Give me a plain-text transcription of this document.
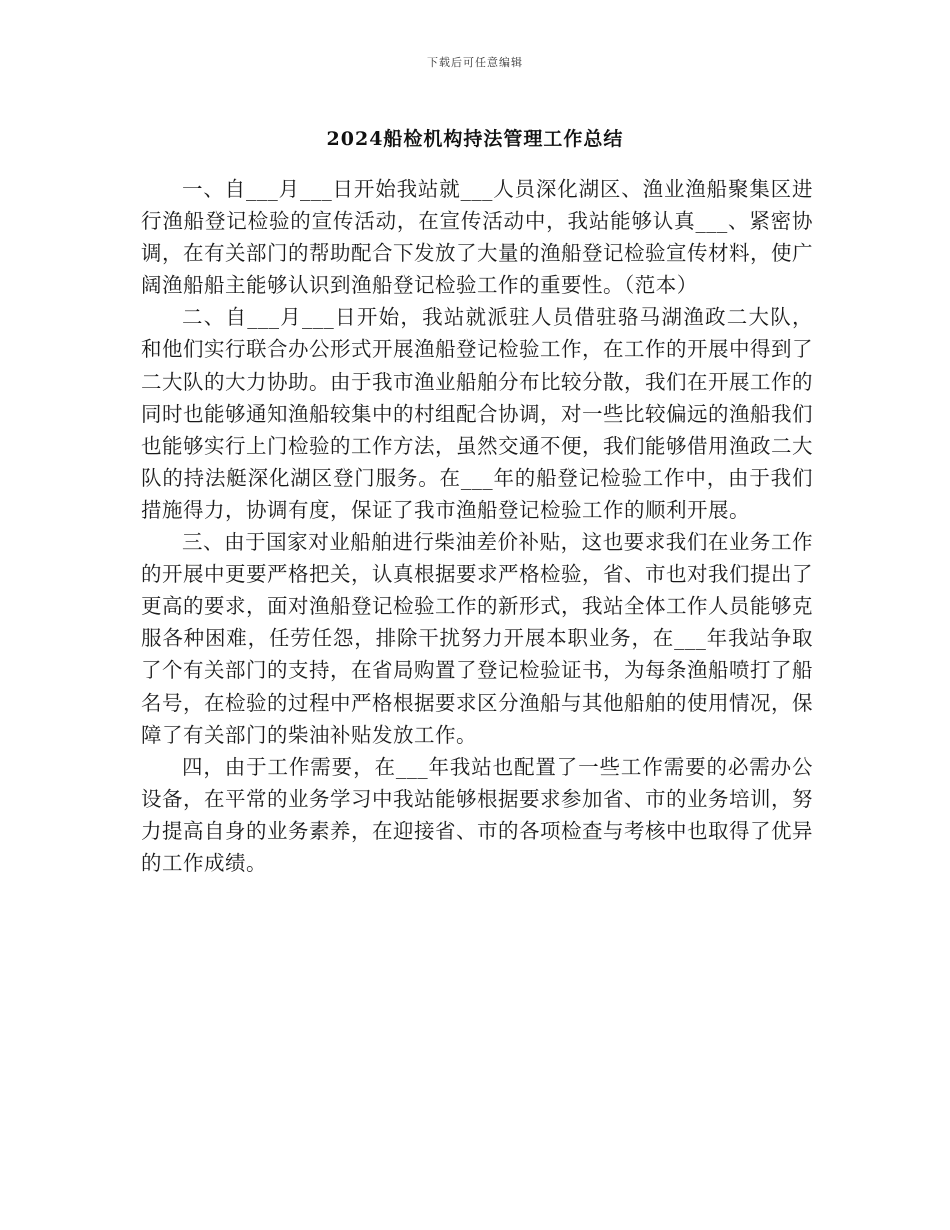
下载后可任意编辑
2024船检机构持法管理工作总结

一、自___月___日开始我站就___人员深化湖区、渔业渔船聚集区进行渔船登记检验的宣传活动，在宣传活动中，我站能够认真___、紧密协调，在有关部门的帮助配合下发放了大量的渔船登记检验宣传材料，使广阔渔船船主能够认识到渔船登记检验工作的重要性。（范本）

二、自___月___日开始，我站就派驻人员借驻骆马湖渔政二大队，和他们实行联合办公形式开展渔船登记检验工作，在工作的开展中得到了二大队的大力协助。由于我市渔业船舶分布比较分散，我们在开展工作的同时也能够通知渔船较集中的村组配合协调，对一些比较偏远的渔船我们也能够实行上门检验的工作方法，虽然交通不便，我们能够借用渔政二大队的持法艇深化湖区登门服务。在___年的船登记检验工作中，由于我们措施得力，协调有度，保证了我市渔船登记检验工作的顺利开展。

三、由于国家对业船舶进行柴油差价补贴，这也要求我们在业务工作的开展中更要严格把关，认真根据要求严格检验，省、市也对我们提出了更高的要求，面对渔船登记检验工作的新形式，我站全体工作人员能够克服各种困难，任劳任怨，排除干扰努力开展本职业务，在___年我站争取了个有关部门的支持，在省局购置了登记检验证书，为每条渔船喷打了船名号，在检验的过程中严格根据要求区分渔船与其他船舶的使用情况，保障了有关部门的柴油补贴发放工作。

四，由于工作需要，在___年我站也配置了一些工作需要的必需办公设备，在平常的业务学习中我站能够根据要求参加省、市的业务培训，努力提高自身的业务素养，在迎接省、市的各项检查与考核中也取得了优异的工作成绩。
